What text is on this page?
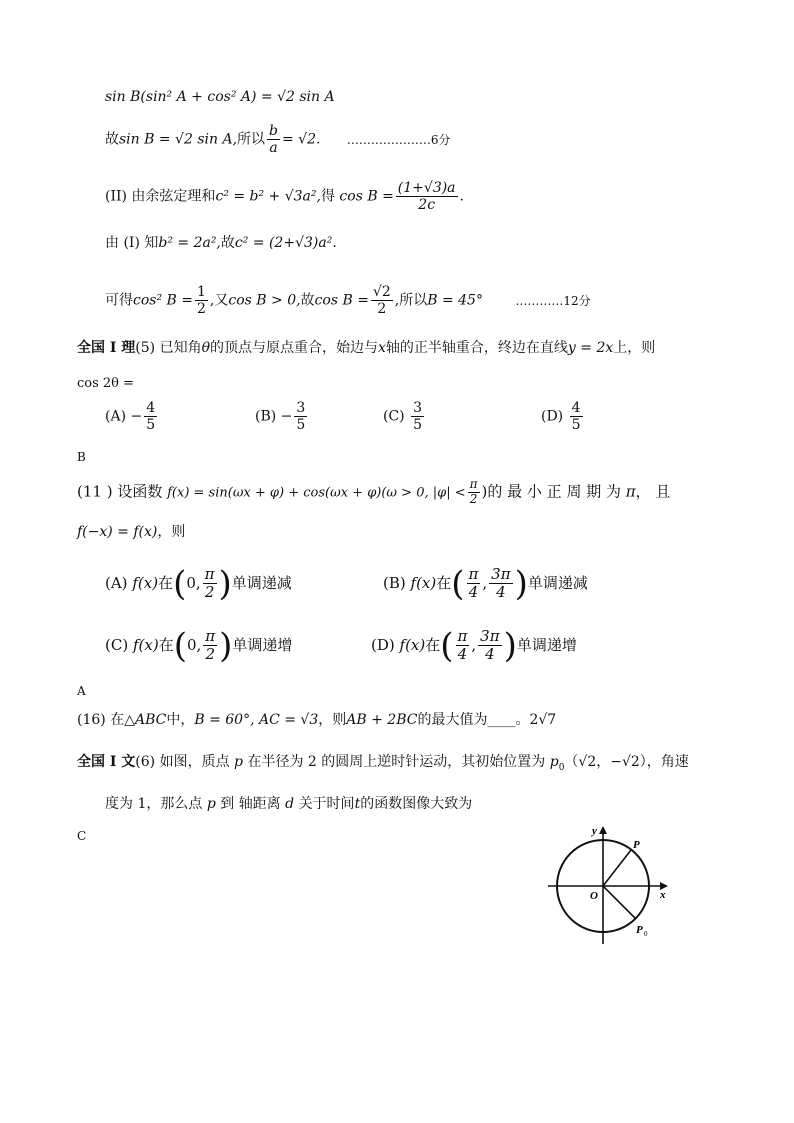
sin B(sin² A + cos² A) = √2 sin A
故sin B = √2 sin A,所以 $\frac{b}{a} = √2$. …………………6分
(II) 由余弦定理和c² = b² + √3a²,得 $\cos B = \frac{(1+√3)a}{2c}$ .
由 (I) 知b² = 2a²,故c² = (2+√3)a².
可得cos² $B = \frac{1}{2}$ ,又cos B > 0,故$\cos B = \frac{√2}{2}$ ,所以B = 45°	…………12分
全国 I 理(5) 已知角θ的顶点与原点重合，始边与x轴的正半轴重合，终边在直线y = 2x上，则
cos 2θ =
$(A) - \frac{4}{5}$	$(B) - \frac{3}{5}$	$(C) \frac{3}{5}$	$(D) \frac{4}{5}$
B
(11 ) 设函数 f(x) = sin(ωx + φ) + cos(ωx + φ)(ω > 0, $|\varphi| < \frac{\pi}{2}$ )的 最 小 正 周 期 为 π， 且
f(−x) = f(x)，则
(A) f(x)在(0, $\frac{\pi}{2}$ )单调递减	(B) f(x)在( $\frac{\pi}{4}$ , $\frac{3\pi}{4}$ )单调递减
(C) f(x)在(0, $\frac{\pi}{2}$ )单调递增	(D) f(x)在( $\frac{\pi}{4}$ , $\frac{3\pi}{4}$ )单调递增
A
(16) 在△ABC中，B = 60°, AC = √3，则AB + 2BC的最大值为____。2√7
全国 I 文(6) 如图，质点 p 在半径为 2 的圆周上逆时针运动，其初始位置为 $p_0(√2$，−√2），角速
度为 1，那么点 p 到 轴距离 d 关于时间t的函数图像大致为
C	y
x
O
P
P 0
